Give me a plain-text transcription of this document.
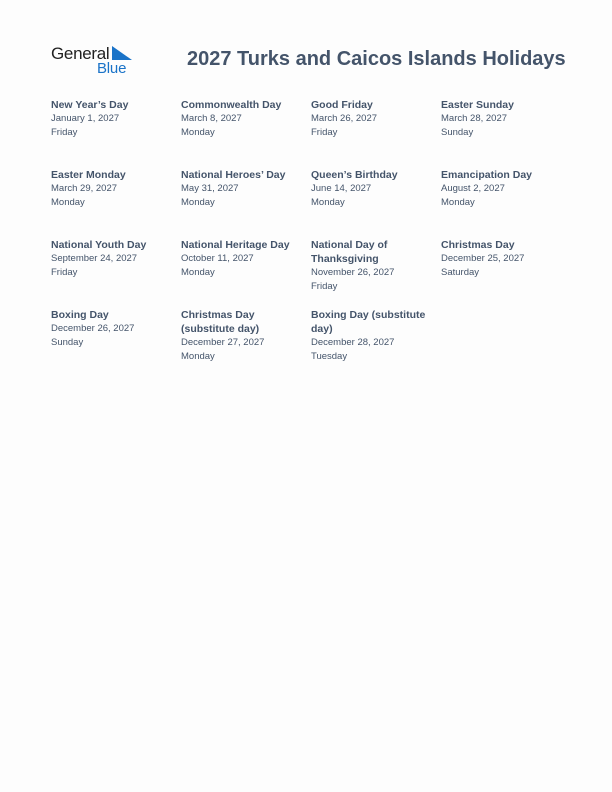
General
Blue	2027 Turks and Caicos Islands Holidays
New Year’s Day
January 1, 2027
Friday
Commonwealth Day
March 8, 2027
Monday
Good Friday
March 26, 2027
Friday
Easter Sunday
March 28, 2027
Sunday
Easter Monday
March 29, 2027
Monday
National Heroes’ Day
May 31, 2027
Monday
Queen’s Birthday
June 14, 2027
Monday
Emancipation Day
August 2, 2027
Monday
National Youth Day
September 24, 2027
Friday
National Heritage Day
October 11, 2027
Monday
National Day of Thanksgiving
November 26, 2027
Friday
Christmas Day
December 25, 2027
Saturday
Boxing Day
December 26, 2027
Sunday
Christmas Day (substitute day)
December 27, 2027
Monday
Boxing Day (substitute day)
December 28, 2027
Tuesday
